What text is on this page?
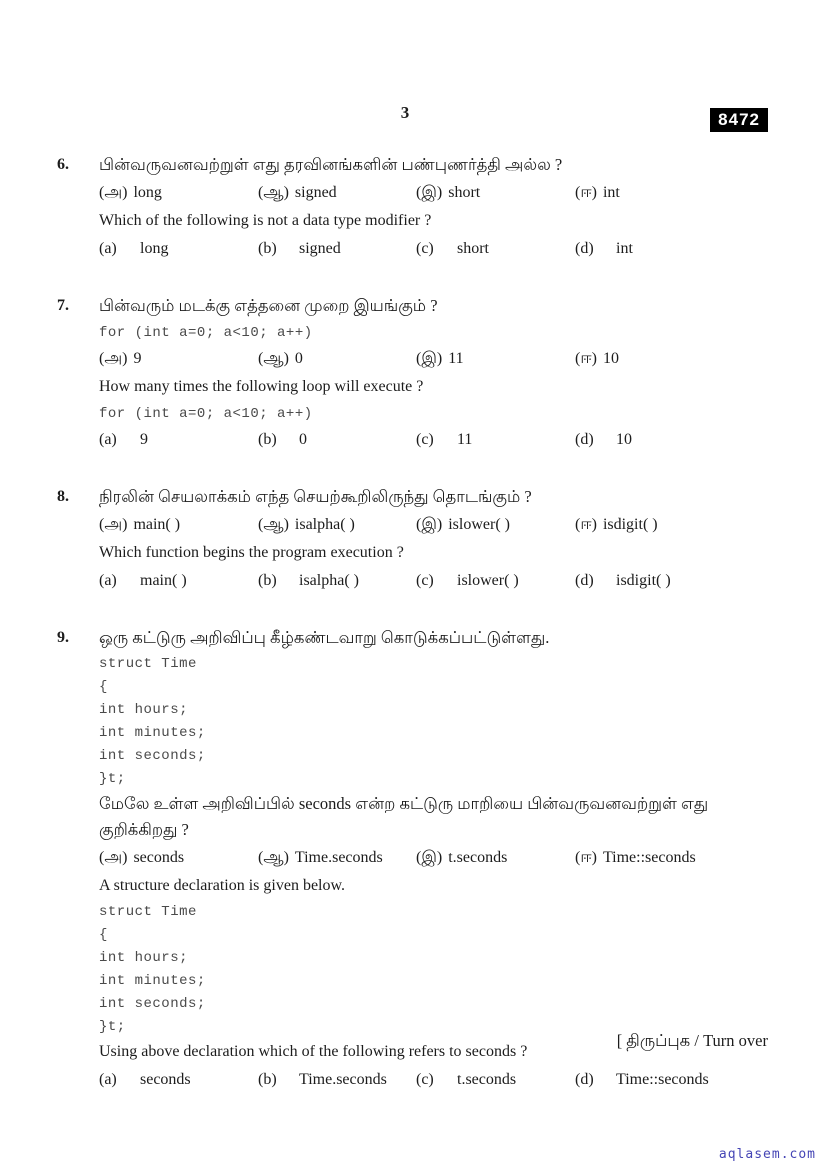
3	8472
6.	பின்வருவனவற்றுள் எது தரவினங்களின் பண்புணர்த்தி அல்ல ?
(அ) long	(ஆ) signed	(இ) short	(ஈ) int
Which of the following is not a data type modifier ?
(a)	long	(b)	signed	(c)	short	(d)	int
7.	பின்வரும் மடக்கு எத்தனை முறை இயங்கும் ?
for (int a=0; a<10; a++)
(அ) 9	(ஆ) 0	(இ) 11	(ஈ) 10
How many times the following loop will execute ?
for (int a=0; a<10; a++)
(a)	9	(b)	0	(c)	11	(d)	10
8.	நிரலின் செயலாக்கம் எந்த செயற்கூறிலிருந்து தொடங்கும் ?
(அ) main( )	(ஆ) isalpha( )	(இ) islower( )	(ஈ) isdigit( )
Which function begins the program execution ?
(a)	main( )	(b)	isalpha( )	(c)	islower( )	(d)	isdigit( )
9.	ஒரு கட்டுரு அறிவிப்பு கீழ்கண்டவாறு கொடுக்கப்பட்டுள்ளது.
struct Time
{
int hours;
int minutes;
int seconds;
}t;
மேலே உள்ள அறிவிப்பில் seconds என்ற கட்டுரு மாறியை பின்வருவனவற்றுள் எது குறிக்கிறது ?
(அ) seconds	(ஆ) Time.seconds (இ) t.seconds	(ஈ) Time::seconds
A structure declaration is given below.
struct Time
{
int hours;
int minutes;
int seconds;
}t;
Using above declaration which of the following refers to seconds ?
(a)	seconds	(b)	Time.seconds (c)	t.seconds	(d)	Time::seconds
[ திருப்புக / Turn over
aqlasem.com
